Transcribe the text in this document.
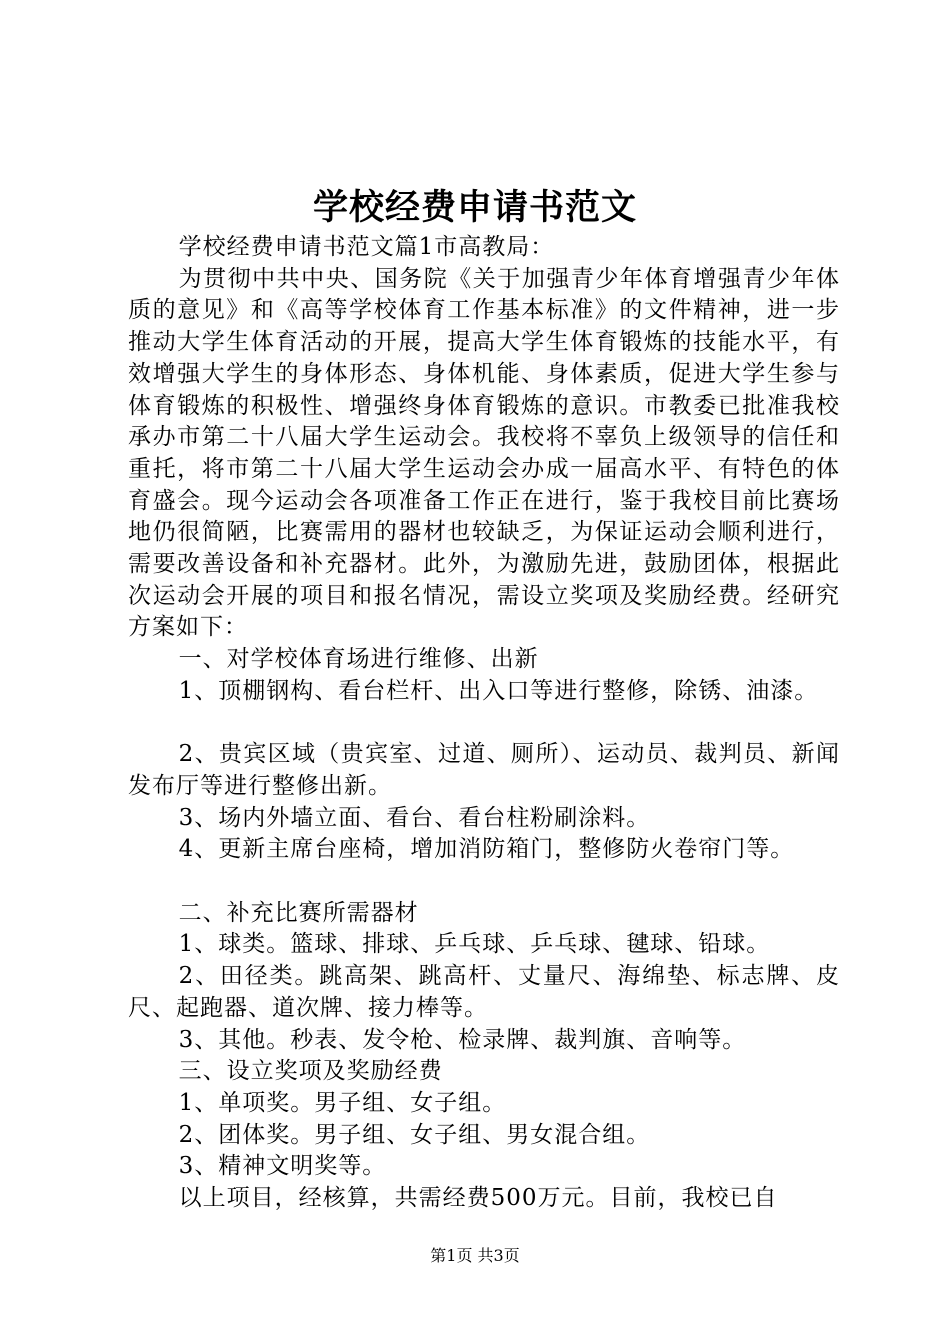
学校经费申请书范文

学校经费申请书范文篇1市高教局：

为贯彻中共中央、国务院《关于加强青少年体育增强青少年体质的意见》和《高等学校体育工作基本标准》的文件精神，进一步推动大学生体育活动的开展，提高大学生体育锻炼的技能水平，有效增强大学生的身体形态、身体机能、身体素质，促进大学生参与体育锻炼的积极性、增强终身体育锻炼的意识。市教委已批准我校承办市第二十八届大学生运动会。我校将不辜负上级领导的信任和重托，将市第二十八届大学生运动会办成一届高水平、有特色的体育盛会。现今运动会各项准备工作正在进行，鉴于我校目前比赛场地仍很简陋，比赛需用的器材也较缺乏，为保证运动会顺利进行，需要改善设备和补充器材。此外，为激励先进，鼓励团体，根据此次运动会开展的项目和报名情况，需设立奖项及奖励经费。经研究方案如下：

一、对学校体育场进行维修、出新

1、顶棚钢构、看台栏杆、出入口等进行整修，除锈、油漆。

2、贵宾区域（贵宾室、过道、厕所）、运动员、裁判员、新闻发布厅等进行整修出新。

3、场内外墙立面、看台、看台柱粉刷涂料。

4、更新主席台座椅，增加消防箱门，整修防火卷帘门等。

二、补充比赛所需器材

1、球类。篮球、排球、乒乓球、乒乓球、毽球、铅球。

2、田径类。跳高架、跳高杆、丈量尺、海绵垫、标志牌、皮尺、起跑器、道次牌、接力棒等。

3、其他。秒表、发令枪、检录牌、裁判旗、音响等。

三、设立奖项及奖励经费

1、单项奖。男子组、女子组。

2、团体奖。男子组、女子组、男女混合组。

3、精神文明奖等。

以上项目，经核算，共需经费500万元。目前，我校已自

第1页 共3页
